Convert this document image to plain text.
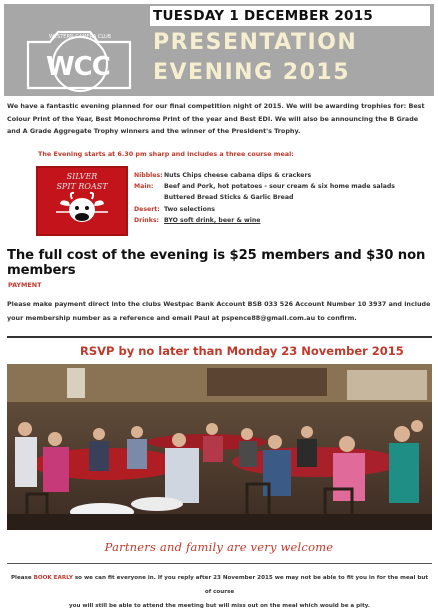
TUESDAY 1 DECEMBER 2015
WESTERN CAMERA CLUB
WCC
PRESENTATION
EVENING 2015
We have a fantastic evening planned for our final competition night of 2015. We will be awarding trophies for: Best Colour Print of the Year, Best Monochrome Print of the year and Best EDI. We will also be announcing the B Grade and A Grade Aggregate Trophy winners and the winner of the President's Trophy.
The Evening starts at 6.30 pm sharp and includes a three course meal:
SILVER
SPIT ROAST
Nibbles: Nuts Chips cheese cabana dips & crackers
Main:	Beef and Pork, hot potatoes - sour cream & six home made salads
Buttered Bread Sticks & Garlic Bread
Desert: Two selections
Drinks: BYO soft drink, beer & wine
The full cost of the evening is $25 members and $30 non members
PAYMENT
Please make payment direct into the clubs Westpac Bank Account BSB 033 526 Account Number 10 3937 and include your membership number as a reference and email Paul at pspence88@gmail.com.au to confirm.
RSVP by no later than Monday 23 November 2015
Partners and family are very welcome
Please BOOK EARLY so we can fit everyone in. If you reply after 23 November 2015 we may not be able to fit you in for the meal but of course
you will still be able to attend the meeting but will miss out on the meal which would be a pity.
